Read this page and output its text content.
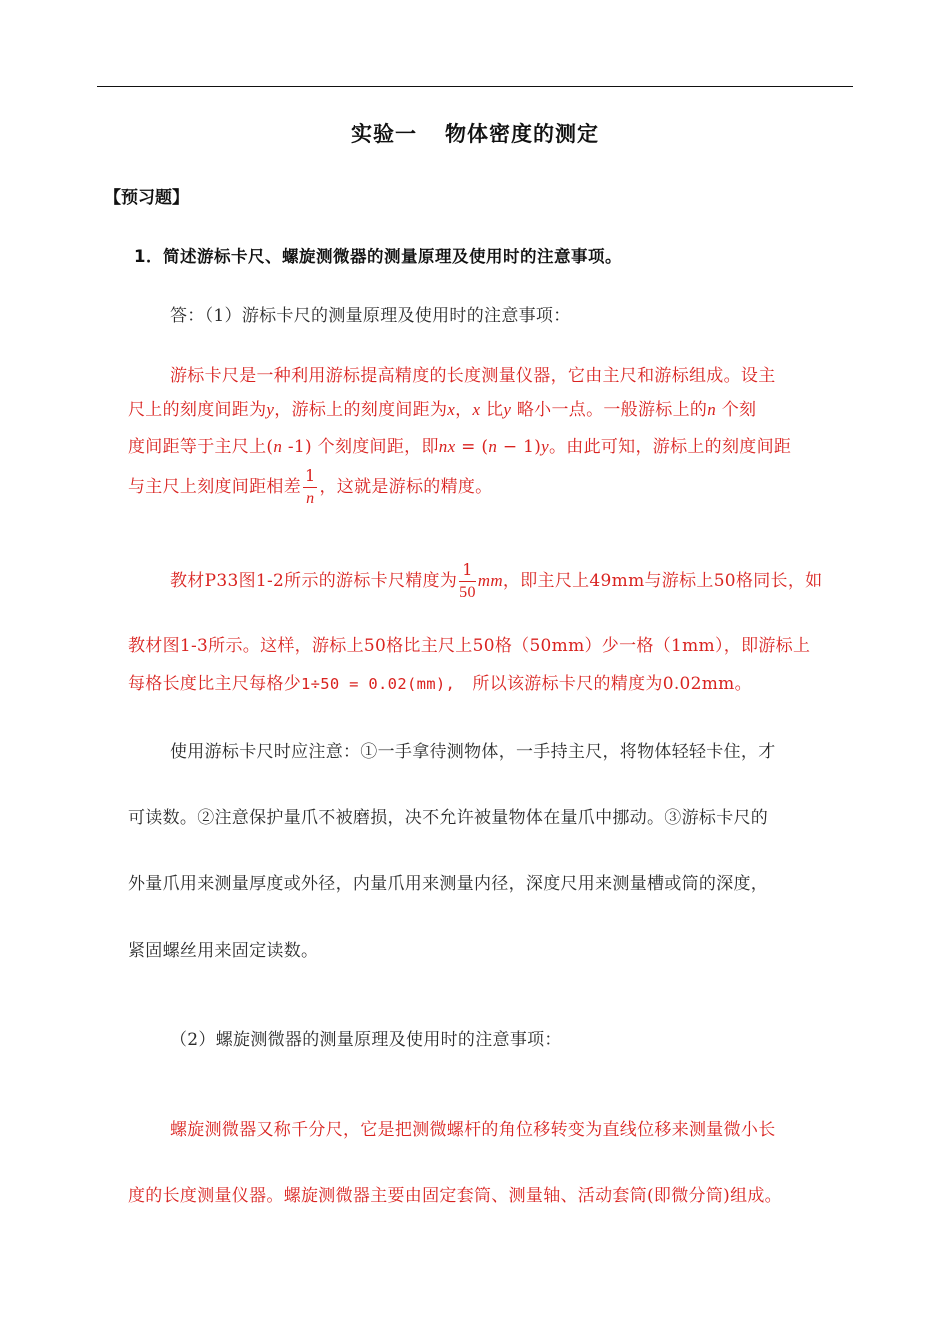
实验一 物体密度的测定
【预习题】
1．简述游标卡尺、螺旋测微器的测量原理及使用时的注意事项。
答：（1）游标卡尺的测量原理及使用时的注意事项：
游标卡尺是一种利用游标提高精度的长度测量仪器，它由主尺和游标组成。设主
尺上的刻度间距为y，游标上的刻度间距为x，x 比y 略小一点。一般游标上的n 个刻
度间距等于主尺上(n -1) 个刻度间距，即nx = (n − 1)y。由此可知，游标上的刻度间距
与主尺上刻度间距相差 $\frac{1}{n}$ ，这就是游标的精度。
教材P33图1-2所示的游标卡尺精度为 $\frac{1}{50}$ mm，即主尺上49mm与游标上50格同长，如
教材图1-3所示。这样，游标上50格比主尺上50格（50mm）少一格（1mm），即游标上
每格长度比主尺每格少1÷50 = 0.02(mm),　所以该游标卡尺的精度为0.02mm。
使用游标卡尺时应注意：①一手拿待测物体，一手持主尺，将物体轻轻卡住，才
可读数。②注意保护量爪不被磨损，决不允许被量物体在量爪中挪动。③游标卡尺的
外量爪用来测量厚度或外径，内量爪用来测量内径，深度尺用来测量槽或筒的深度，
紧固螺丝用来固定读数。
（2）螺旋测微器的测量原理及使用时的注意事项：
螺旋测微器又称千分尺，它是把测微螺杆的角位移转变为直线位移来测量微小长
度的长度测量仪器。螺旋测微器主要由固定套筒、测量轴、活动套筒(即微分筒)组成。
